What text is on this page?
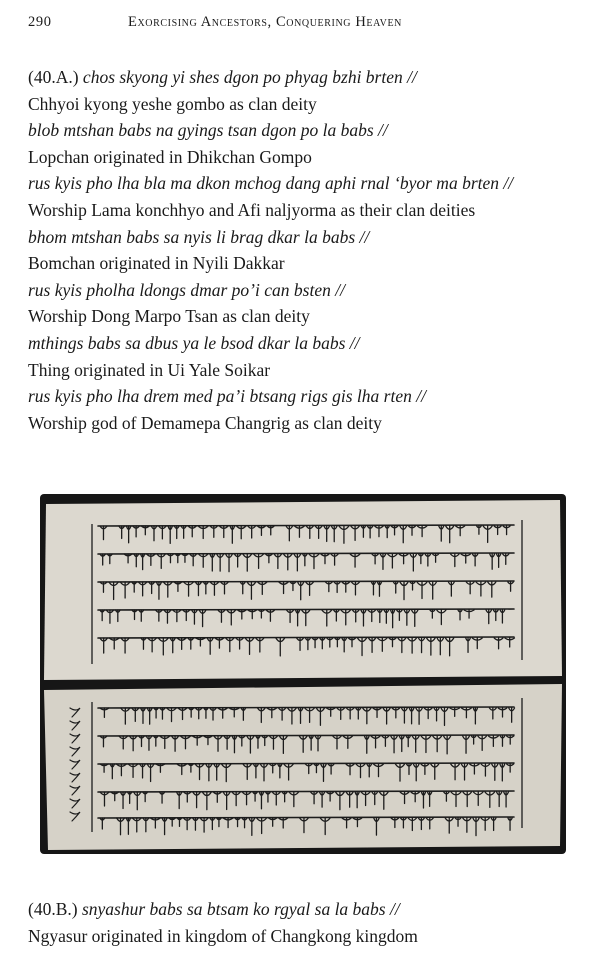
290	Exorcising Ancestors, Conquering Heaven
(40.A.) chos skyong yi shes dgon po phyag bzhi brten //
Chhyoi kyong yeshe gombo as clan deity
blob mtshan babs na gyings tsan dgon po la babs //
Lopchan originated in Dhikchan Gompo
rus kyis pho lha bla ma dkon mchog dang aphi rnal ‘byor ma brten //
Worship Lama konchhyo and Afi naljyorma as their clan deities
bhom mtshan babs sa nyis li brag dkar la babs //
Bomchan originated in Nyili Dakkar
rus kyis pholha ldongs dmar po’i can bsten //
Worship Dong Marpo Tsan as clan deity
mthings babs sa dbus ya le bsod dkar la babs //
Thing originated in Ui Yale Soikar
rus kyis pho lha drem med pa’i btsang rigs gis lha rten //
Worship god of Demamepa Changrig as clan deity
(40.B.) snyashur babs sa btsam ko rgyal sa la babs //
Ngyasur originated in kingdom of Changkong kingdom
